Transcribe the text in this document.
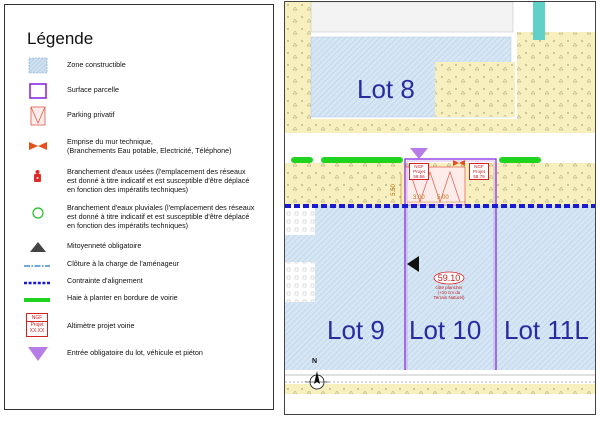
Légende
Zone constructible
Surface parcelle
Parking privatif
Emprise du mur technique,
(Branchements Eau potable, Electricité, Téléphone)
Branchement d'eaux usées (l'emplacement des réseaux
est donné à titre indicatif et est susceptible d'être déplacé
en fonction des impératifs techniques)
Branchement d'eaux pluviales (l'emplacement des réseaux
est donné à titre indicatif et est susceptible d'être déplacé
en fonction des impératifs techniques)
Mitoyenneté obligatoire
Clôture à la charge de l'aménageur
Contrainte d'alignement
Haie à planter en bordure de voirie
NGF
Projet
XX.XX
Altimètre projet voirie
Entrée obligatoire du lot, véhicule et piéton
Lot 8
Lot 9 Lot 10 Lot 11L
59.10
côte plancher
(+10 cm du
Terrain Naturel)
NGF
Projet
58.56
NGF
Projet
58.79
5.50
3.00 5.00
N
